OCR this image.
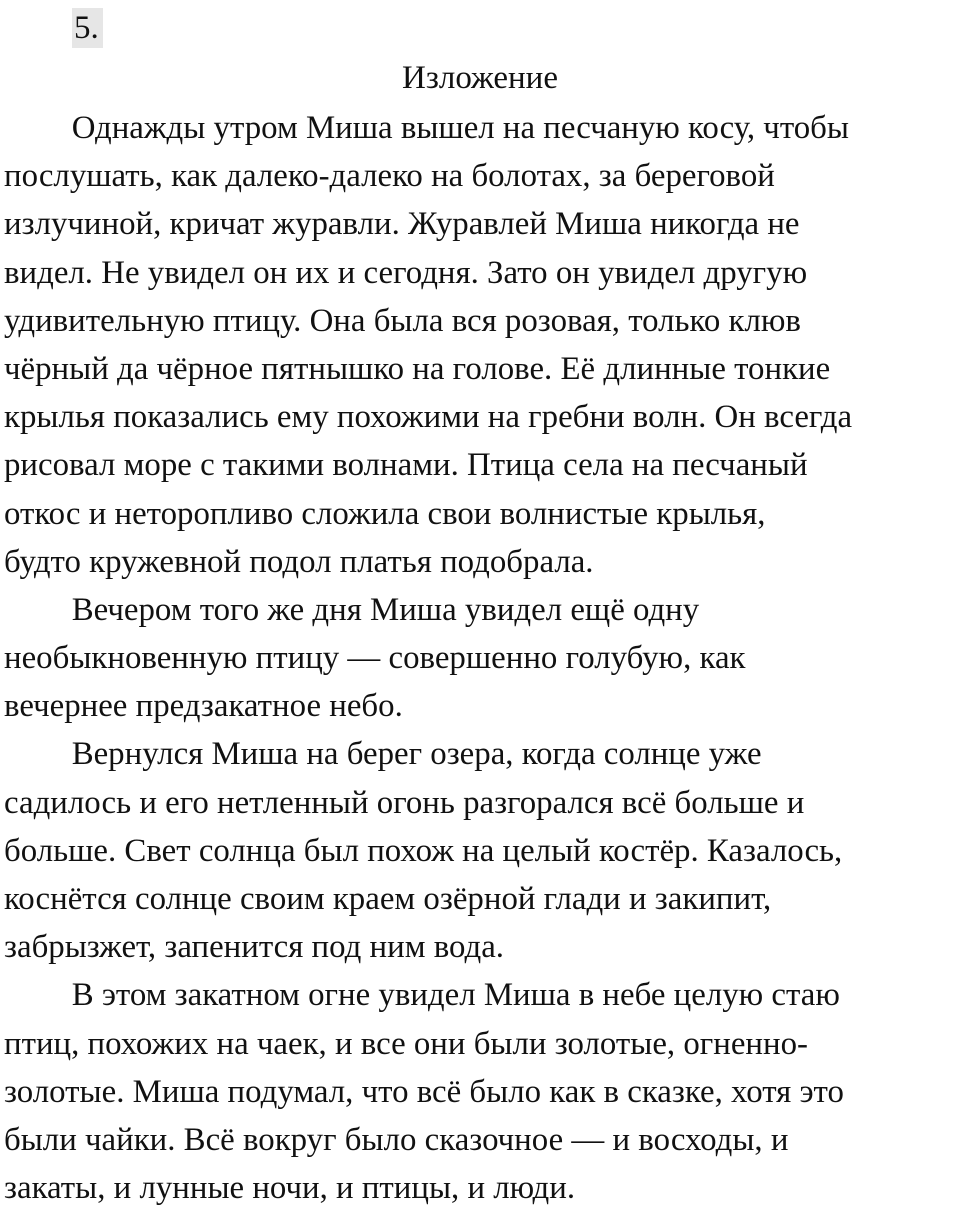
5.
Изложение
Однажды утром Миша вышел на песчаную косу, чтобы
послушать, как далеко-далеко на болотах, за береговой
излучиной, кричат журавли. Журавлей Миша никогда не
видел. Не увидел он их и сегодня. Зато он увидел другую
удивительную птицу. Она была вся розовая, только клюв
чёрный да чёрное пятнышко на голове. Её длинные тонкие
крылья показались ему похожими на гребни волн. Он всегда
рисовал море с такими волнами. Птица села на песчаный
откос и неторопливо сложила свои волнистые крылья,
будто кружевной подол платья подобрала.
Вечером того же дня Миша увидел ещё одну
необыкновенную птицу — совершенно голубую, как
вечернее предзакатное небо.
Вернулся Миша на берег озера, когда солнце уже
садилось и его нетленный огонь разгорался всё больше и
больше. Свет солнца был похож на целый костёр. Казалось,
коснётся солнце своим краем озёрной глади и закипит,
забрызжет, запенится под ним вода.
В этом закатном огне увидел Миша в небе целую стаю
птиц, похожих на чаек, и все они были золотые, огненно-
золотые. Миша подумал, что всё было как в сказке, хотя это
были чайки. Всё вокруг было сказочное — и восходы, и
закаты, и лунные ночи, и птицы, и люди.
